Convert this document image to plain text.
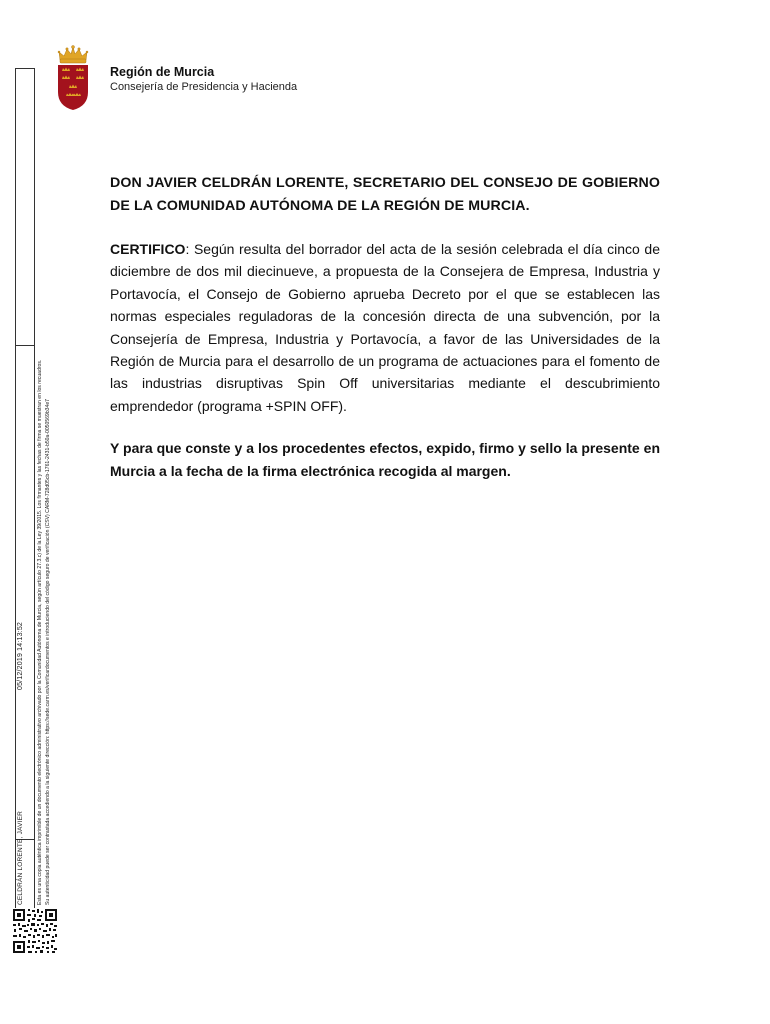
05/12/2019 14:13:52
CELDRÁN LORENTE, JAVIER	Esta es una copia auténtica imprimible de un documento electrónico administrativo archivado por la Comunidad Autónoma de Murcia, según artículo 27.3.c) de la Ley 39/2015. Los firmantes y las fechas de firma se muestran en los recuadros. Su autenticidad puede ser contrastada accediendo a la siguiente dirección: https://sede.carm.es/verificardocumentos e introduciendo del código seguro de verificación (CSV) CARM-728d05cb-1761-2431-b50a-0050569b34e7
Región de Murcia
Consejería de Presidencia y Hacienda

DON JAVIER CELDRÁN LORENTE, SECRETARIO DEL CONSEJO DE GOBIERNO DE LA COMUNIDAD AUTÓNOMA DE LA REGIÓN DE MURCIA.

CERTIFICO: Según resulta del borrador del acta de la sesión celebrada el día cinco de diciembre de dos mil diecinueve, a propuesta de la Consejera de Empresa, Industria y Portavocía, el Consejo de Gobierno aprueba Decreto por el que se establecen las normas especiales reguladoras de la concesión directa de una subvención, por la Consejería de Empresa, Industria y Portavocía, a favor de las Universidades de la Región de Murcia para el desarrollo de un programa de actuaciones para el fomento de las industrias disruptivas Spin Off universitarias mediante el descubrimiento emprendedor (programa +SPIN OFF).

Y para que conste y a los procedentes efectos, expido, firmo y sello la presente en Murcia a la fecha de la firma electrónica recogida al margen.
